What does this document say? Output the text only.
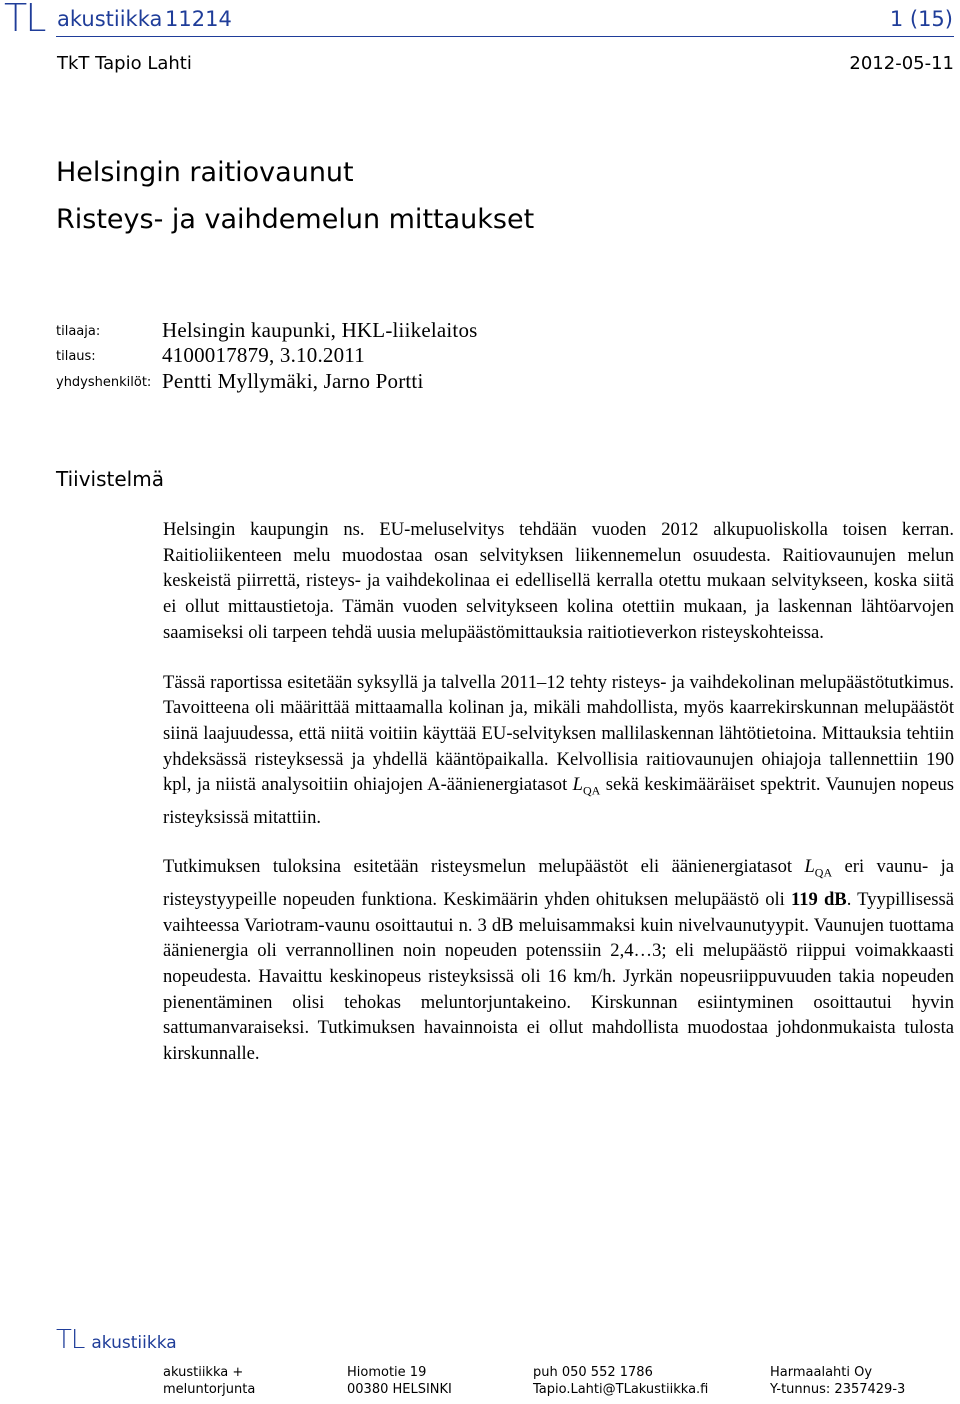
TL akustiikka 11214	1 (15)
TkT Tapio Lahti	2012-05-11
Helsingin raitiovaunut
Risteys- ja vaihdemelun mittaukset
tilaaja:	Helsingin kaupunki, HKL-liikelaitos
tilaus:	4100017879, 3.10.2011
yhdyshenkilöt: Pentti Myllymäki, Jarno Portti
Tiivistelmä

Helsingin kaupungin ns. EU-meluselvitys tehdään vuoden 2012 alkupuoliskolla toisen kerran. Raitioliikenteen melu muodostaa osan selvityksen liikennemelun osuudesta. Raitiovaunujen melun keskeistä piirrettä, risteys- ja vaihdekolinaa ei edellisellä kerralla otettu mukaan selvitykseen, koska siitä ei ollut mittaustietoja. Tämän vuoden selvitykseen kolina otettiin mukaan, ja laskennan lähtöarvojen saamiseksi oli tarpeen tehdä uusia melupäästömittauksia raitiotieverkon risteyskohteissa.

Tässä raportissa esitetään syksyllä ja talvella 2011–12 tehty risteys- ja vaihdekolinan melupäästötutkimus. Tavoitteena oli määrittää mittaamalla kolinan ja, mikäli mahdollista, myös kaarrekirskunnan melupäästöt siinä laajuudessa, että niitä voitiin käyttää EU-selvityksen mallilaskennan lähtötietoina. Mittauksia tehtiin yhdeksässä risteyksessä ja yhdellä kääntöpaikalla. Kelvollisia raitiovaunujen ohiajoja tallennettiin 190 kpl, ja niistä analysoitiin ohiajojen A-äänienergiatasot $L_{QA}$ sekä keskimääräiset spektrit. Vaunujen nopeus risteyksissä mitattiin.

Tutkimuksen tuloksina esitetään risteysmelun melupäästöt eli äänienergiatasot $L_{QA}$ eri vaunu- ja risteystyypeille nopeuden funktiona. Keskimäärin yhden ohituksen melupäästö oli 119 dB. Tyypillisessä vaihteessa Variotram-vaunu osoittautui n. 3 dB meluisammaksi kuin nivelvaunutyypit. Vaunujen tuottama äänienergia oli verrannollinen noin nopeuden potenssiin 2,4…3; eli melupäästö riippui voimakkaasti nopeudesta. Havaittu keskinopeus risteyksissä oli 16 km/h. Jyrkän nopeusriippuvuuden takia nopeuden pienentäminen olisi tehokas meluntorjuntakeino. Kirskunnan esiintyminen osoittautui hyvin sattumanvaraiseksi. Tutkimuksen havainnoista ei ollut mahdollista muodostaa johdonmukaista tulosta kirskunnalle.

TL akustiikka
akustiikka +
meluntorjunta
Hiomotie 19
00380 HELSINKI
puh 050 552 1786
Tapio.Lahti@TLakustiikka.fi
Harmaalahti Oy
Y-tunnus: 2357429-3
